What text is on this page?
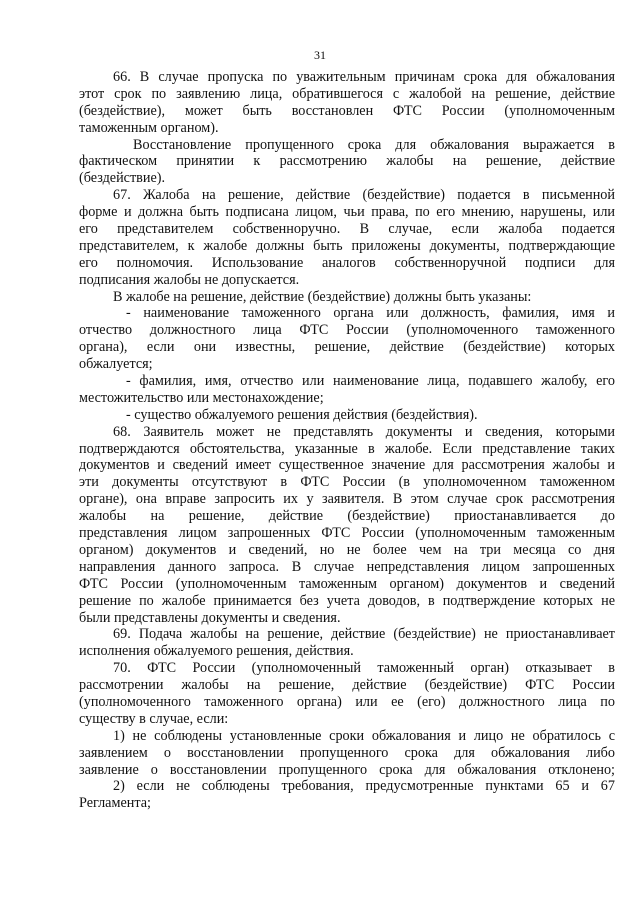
31
66. В случае пропуска по уважительным причинам срока для обжалования
этот срок по заявлению лица, обратившегося с жалобой на решение, действие
(бездействие), может быть восстановлен ФТС России (уполномоченным
таможенным органом).
Восстановление пропущенного срока для обжалования выражается в
фактическом принятии к рассмотрению жалобы на решение, действие
(бездействие).
67. Жалоба на решение, действие (бездействие) подается в письменной
форме и должна быть подписана лицом, чьи права, по его мнению, нарушены, или
его представителем собственноручно. В случае, если жалоба подается
представителем, к жалобе должны быть приложены документы, подтверждающие
его полномочия. Использование аналогов собственноручной подписи для
подписания жалобы не допускается.
В жалобе на решение, действие (бездействие) должны быть указаны:
- наименование таможенного органа или должность, фамилия, имя и
отчество должностного лица ФТС России (уполномоченного таможенного
органа), если они известны, решение, действие (бездействие) которых
обжалуется;
- фамилия, имя, отчество или наименование лица, подавшего жалобу, его
местожительство или местонахождение;
- существо обжалуемого решения действия (бездействия).
68. Заявитель может не представлять документы и сведения, которыми
подтверждаются обстоятельства, указанные в жалобе. Если представление таких
документов и сведений имеет существенное значение для рассмотрения жалобы и
эти документы отсутствуют в ФТС России (в уполномоченном таможенном
органе), она вправе запросить их у заявителя. В этом случае срок рассмотрения
жалобы на решение, действие (бездействие) приостанавливается до
представления лицом запрошенных ФТС России (уполномоченным таможенным
органом) документов и сведений, но не более чем на три месяца со дня
направления данного запроса. В случае непредставления лицом запрошенных
ФТС России (уполномоченным таможенным органом) документов и сведений
решение по жалобе принимается без учета доводов, в подтверждение которых не
были представлены документы и сведения.
69. Подача жалобы на решение, действие (бездействие) не приостанавливает
исполнения обжалуемого решения, действия.
70. ФТС России (уполномоченный таможенный орган) отказывает в
рассмотрении жалобы на решение, действие (бездействие) ФТС России
(уполномоченного таможенного органа) или ее (его) должностного лица по
существу в случае, если:
1) не соблюдены установленные сроки обжалования и лицо не обратилось с
заявлением о восстановлении пропущенного срока для обжалования либо
заявление о восстановлении пропущенного срока для обжалования отклонено;
2) если не соблюдены требования, предусмотренные пунктами 65 и 67
Регламента;
